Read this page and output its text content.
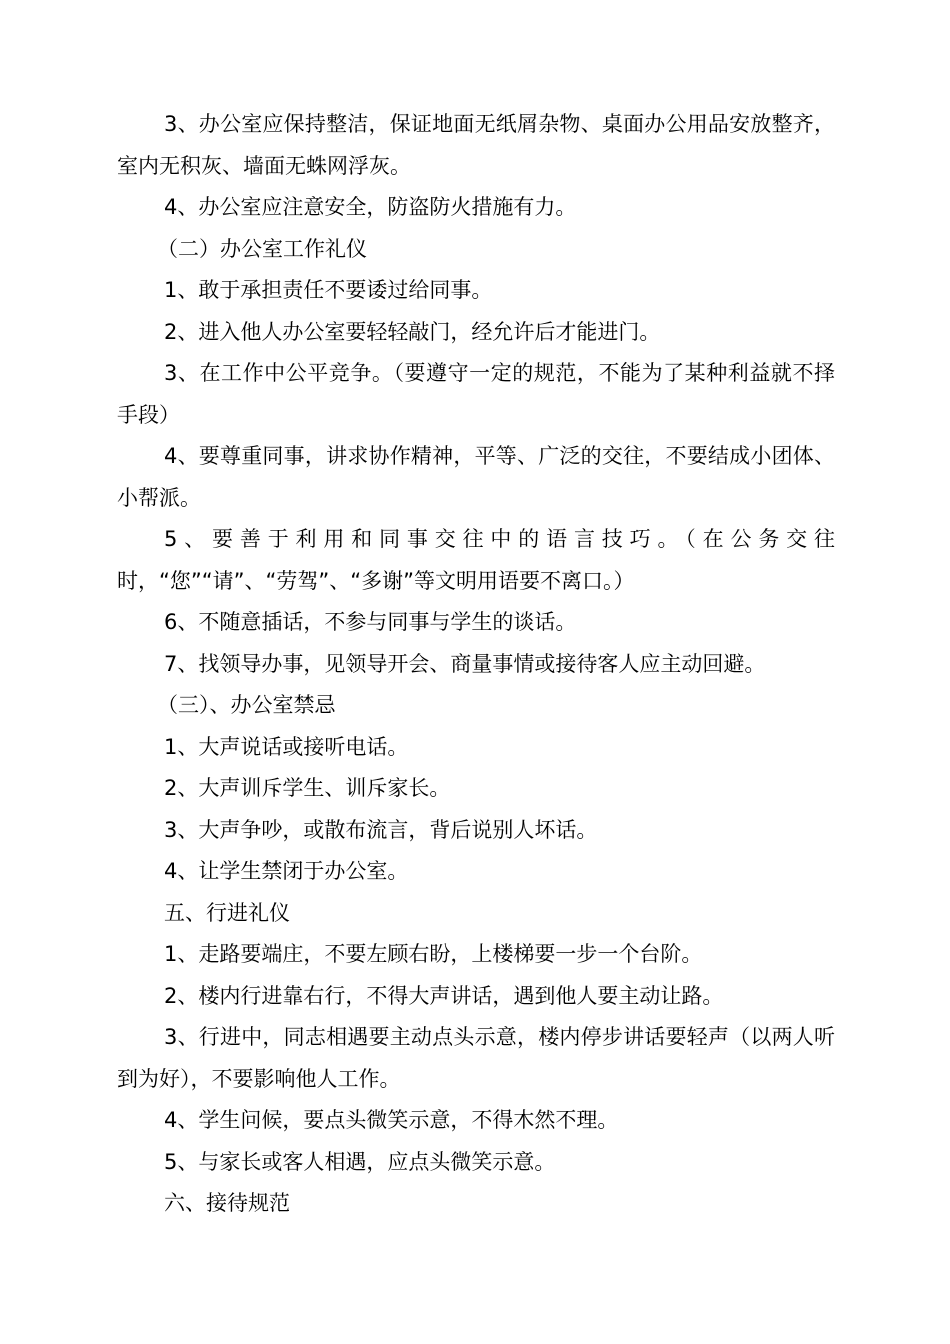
3、办公室应保持整洁，保证地面无纸屑杂物、桌面办公用品安放整齐，室内无积灰、墙面无蛛网浮灰。

4、办公室应注意安全，防盗防火措施有力。

（二）办公室工作礼仪

1、敢于承担责任不要诿过给同事。

2、进入他人办公室要轻轻敲门，经允许后才能进门。

3、在工作中公平竞争。（要遵守一定的规范，不能为了某种利益就不择手段）

4、要尊重同事，讲求协作精神，平等、广泛的交往，不要结成小团体、小帮派。

5、要善于利用和同事交往中的语言技巧。（在公务交往时，“您”“请”、“劳驾”、“多谢”等文明用语要不离口。）

6、不随意插话，不参与同事与学生的谈话。

7、找领导办事，见领导开会、商量事情或接待客人应主动回避。

（三）、办公室禁忌

1、大声说话或接听电话。

2、大声训斥学生、训斥家长。

3、大声争吵，或散布流言，背后说别人坏话。

4、让学生禁闭于办公室。

五、行进礼仪

1、走路要端庄，不要左顾右盼，上楼梯要一步一个台阶。

2、楼内行进靠右行，不得大声讲话，遇到他人要主动让路。

3、行进中，同志相遇要主动点头示意，楼内停步讲话要轻声（以两人听到为好），不要影响他人工作。

4、学生问候，要点头微笑示意，不得木然不理。

5、与家长或客人相遇，应点头微笑示意。

六、接待规范
